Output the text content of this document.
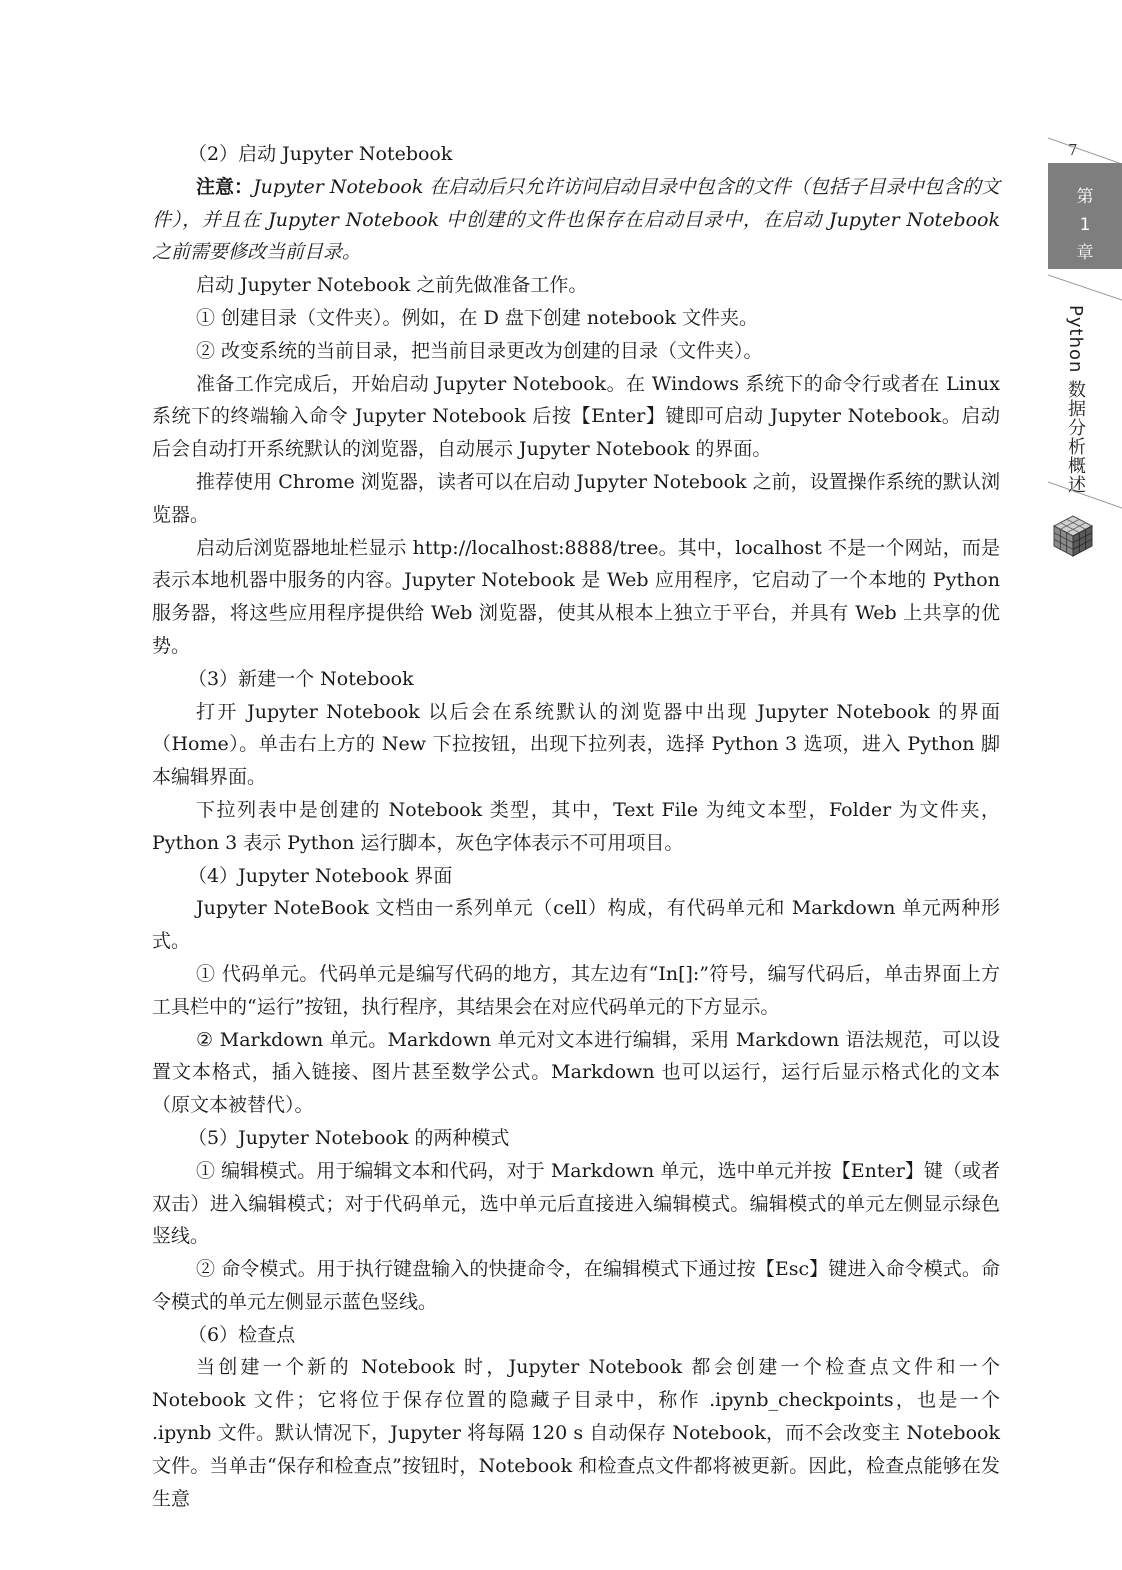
（2）启动 Jupyter Notebook

注意：Jupyter Notebook 在启动后只允许访问启动目录中包含的文件（包括子目录中包含的文件），并且在 Jupyter Notebook 中创建的文件也保存在启动目录中，在启动 Jupyter Notebook 之前需要修改当前目录。

启动 Jupyter Notebook 之前先做准备工作。

① 创建目录（文件夹）。例如，在 D 盘下创建 notebook 文件夹。

② 改变系统的当前目录，把当前目录更改为创建的目录（文件夹）。

准备工作完成后，开始启动 Jupyter Notebook。在 Windows 系统下的命令行或者在 Linux 系统下的终端输入命令 Jupyter Notebook 后按【Enter】键即可启动 Jupyter Notebook。启动后会自动打开系统默认的浏览器，自动展示 Jupyter Notebook 的界面。

推荐使用 Chrome 浏览器，读者可以在启动 Jupyter Notebook 之前，设置操作系统的默认浏览器。

启动后浏览器地址栏显示 http://localhost:8888/tree。其中，localhost 不是一个网站，而是表示本地机器中服务的内容。Jupyter Notebook 是 Web 应用程序，它启动了一个本地的 Python 服务器，将这些应用程序提供给 Web 浏览器，使其从根本上独立于平台，并具有 Web 上共享的优势。

（3）新建一个 Notebook

打开 Jupyter Notebook 以后会在系统默认的浏览器中出现 Jupyter Notebook 的界面（Home）。单击右上方的 New 下拉按钮，出现下拉列表，选择 Python 3 选项，进入 Python 脚本编辑界面。

下拉列表中是创建的 Notebook 类型，其中，Text File 为纯文本型，Folder 为文件夹，Python 3 表示 Python 运行脚本，灰色字体表示不可用项目。

（4）Jupyter Notebook 界面

Jupyter NoteBook 文档由一系列单元（cell）构成，有代码单元和 Markdown 单元两种形式。

① 代码单元。代码单元是编写代码的地方，其左边有“In[]:”符号，编写代码后，单击界面上方工具栏中的“运行”按钮，执行程序，其结果会在对应代码单元的下方显示。

② Markdown 单元。Markdown 单元对文本进行编辑，采用 Markdown 语法规范，可以设置文本格式，插入链接、图片甚至数学公式。Markdown 也可以运行，运行后显示格式化的文本（原文本被替代）。

（5）Jupyter Notebook 的两种模式

① 编辑模式。用于编辑文本和代码，对于 Markdown 单元，选中单元并按【Enter】键（或者双击）进入编辑模式；对于代码单元，选中单元后直接进入编辑模式。编辑模式的单元左侧显示绿色竖线。

② 命令模式。用于执行键盘输入的快捷命令，在编辑模式下通过按【Esc】键进入命令模式。命令模式的单元左侧显示蓝色竖线。

（6）检查点

当创建一个新的 Notebook 时，Jupyter Notebook 都会创建一个检查点文件和一个 Notebook 文件；它将位于保存位置的隐藏子目录中，称作 .ipynb_checkpoints，也是一个 .ipynb 文件。默认情况下，Jupyter 将每隔 120 s 自动保存 Notebook，而不会改变主 Notebook 文件。当单击“保存和检查点”按钮时，Notebook 和检查点文件都将被更新。因此，检查点能够在发生意

7
第
1
章
Python 数据分析概述
